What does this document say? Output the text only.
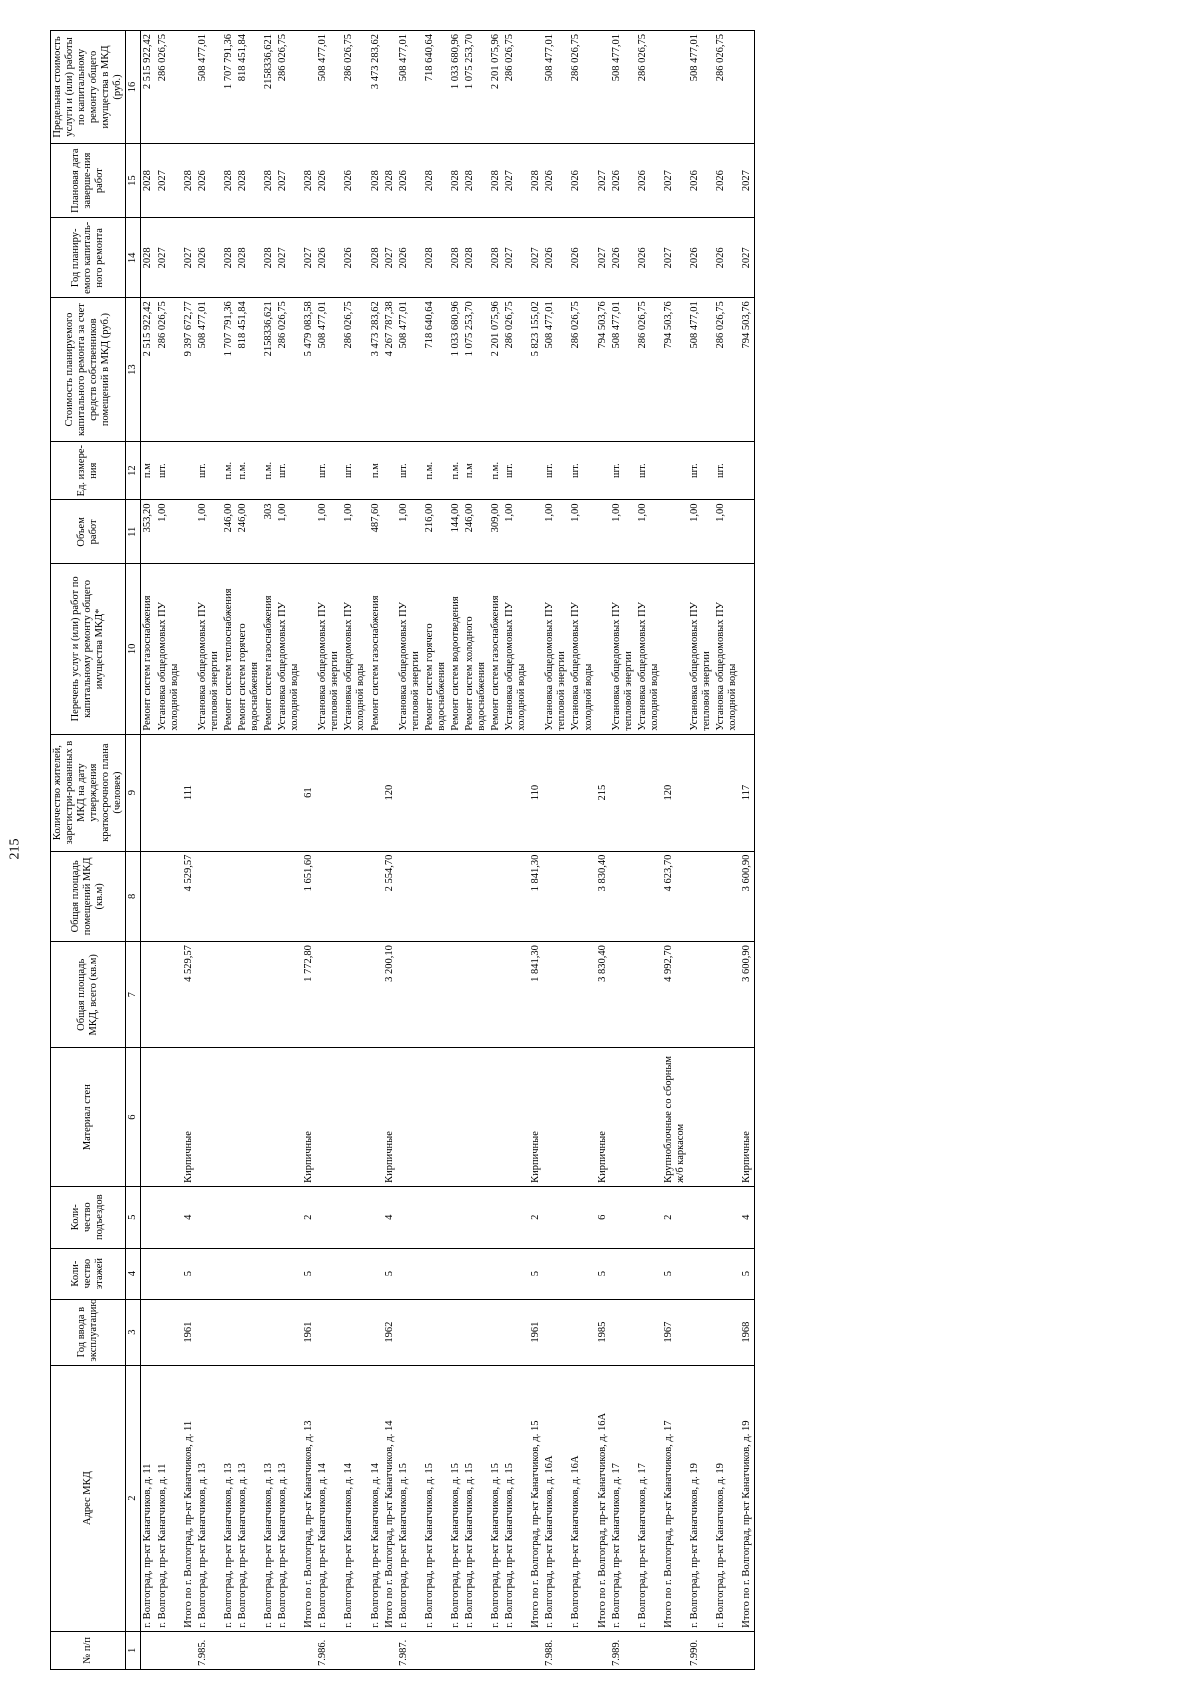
215
№ п/п	Адрес МКД	Год ввода в эксплуатацию	Коли-чество этажей	Коли-чество подъездов	Материал стен	Общая площадь МКД, всего (кв.м)	Общая площадь помещений МКД (кв.м)	Количество жителей, зарегистри-рованных в МКД на дату утверждения краткосрочного плана (человек)	Перечень услуг и (или) работ по капитальному ремонту общего имущества МКД*	Объем работ	Ед. измере-ния	Стоимость планируемого капитального ремонта за счет средств собственников помещений в МКД (руб.)	Год планиру-емого капиталь-ного ремонта	Плановая дата заверше-ния работ	Предельная стоимость услуги и (или) работы по капитальному ремонту общего имущества в МКД (руб.)
1	2	3	4	5	6	7	8	9	10	11	12	13	14	15	16
	г. Волгоград, пр-кт Канатчиков, д. 11								Ремонт систем газоснабжения	353,20	п.м	2 515 922,42	2028	2028	2 515 922,42
	г. Волгоград, пр-кт Канатчиков, д. 11								Установка общедомовых ПУ холодной воды	1,00	шт.	286 026,75	2027	2027	286 026,75
	Итого по г. Волгоград, пр-кт Канатчиков, д. 11	1961	5	4	Кирпичные	4 529,57	4 529,57	111				9 397 672,77	2027	2028	
7.985.	г. Волгоград, пр-кт Канатчиков, д. 13								Установка общедомовых ПУ тепловой энергии	1,00	шт.	508 477,01	2026	2026	508 477,01
	г. Волгоград, пр-кт Канатчиков, д. 13								Ремонт систем теплоснабжения	246,00	п.м.	1 707 791,36	2028	2028	1 707 791,36
	г. Волгоград, пр-кт Канатчиков, д. 13								Ремонт систем горячего водоснабжения	246,00	п.м.	818 451,84	2028	2028	818 451,84
	г. Волгоград, пр-кт Канатчиков, д. 13								Ремонт систем газоснабжения	303	п.м.	2158336,621	2028	2028	2158336,621
	г. Волгоград, пр-кт Канатчиков, д. 13								Установка общедомовых ПУ холодной воды	1,00	шт.	286 026,75	2027	2027	286 026,75
	Итого по г. Волгоград, пр-кт Канатчиков, д. 13	1961	5	2	Кирпичные	1 772,80	1 651,60	61				5 479 083,58	2027	2028	
7.986.	г. Волгоград, пр-кт Канатчиков, д. 14								Установка общедомовых ПУ тепловой энергии	1,00	шт.	508 477,01	2026	2026	508 477,01
	г. Волгоград, пр-кт Канатчиков, д. 14								Установка общедомовых ПУ холодной воды	1,00	шт.	286 026,75	2026	2026	286 026,75
	г. Волгоград, пр-кт Канатчиков, д. 14								Ремонт систем газоснабжения	487,60	п.м	3 473 283,62	2028	2028	3 473 283,62
	Итого по г. Волгоград, пр-кт Канатчиков, д. 14	1962	5	4	Кирпичные	3 200,10	2 554,70	120				4 267 787,38	2027	2028	
7.987.	г. Волгоград, пр-кт Канатчиков, д. 15								Установка общедомовых ПУ тепловой энергии	1,00	шт.	508 477,01	2026	2026	508 477,01
	г. Волгоград, пр-кт Канатчиков, д. 15								Ремонт систем горячего водоснабжения	216,00	п.м.	718 640,64	2028	2028	718 640,64
	г. Волгоград, пр-кт Канатчиков, д. 15								Ремонт систем водоотведения	144,00	п.м.	1 033 680,96	2028	2028	1 033 680,96
	г. Волгоград, пр-кт Канатчиков, д. 15								Ремонт систем холодного водоснабжения	246,00	п.м	1 075 253,70	2028	2028	1 075 253,70
	г. Волгоград, пр-кт Канатчиков, д. 15								Ремонт систем газоснабжения	309,00	п.м.	2 201 075,96	2028	2028	2 201 075,96
	г. Волгоград, пр-кт Канатчиков, д. 15								Установка общедомовых ПУ холодной воды	1,00	шт.	286 026,75	2027	2027	286 026,75
	Итого по г. Волгоград, пр-кт Канатчиков, д. 15	1961	5	2	Кирпичные	1 841,30	1 841,30	110				5 823 155,02	2027	2028	
7.988.	г. Волгоград, пр-кт Канатчиков, д. 16А								Установка общедомовых ПУ тепловой энергии	1,00	шт.	508 477,01	2026	2026	508 477,01
	г. Волгоград, пр-кт Канатчиков, д. 16А								Установка общедомовых ПУ холодной воды	1,00	шт.	286 026,75	2026	2026	286 026,75
	Итого по г. Волгоград, пр-кт Канатчиков, д. 16А	1985	5	6	Кирпичные	3 830,40	3 830,40	215				794 503,76	2027	2027	
7.989.	г. Волгоград, пр-кт Канатчиков, д. 17								Установка общедомовых ПУ тепловой энергии	1,00	шт.	508 477,01	2026	2026	508 477,01
	г. Волгоград, пр-кт Канатчиков, д. 17								Установка общедомовых ПУ холодной воды	1,00	шт.	286 026,75	2026	2026	286 026,75
	Итого по г. Волгоград, пр-кт Канатчиков, д. 17	1967	5	2	Крупноблочные со сборным ж/б каркасом	4 992,70	4 623,70	120				794 503,76	2027	2027	
7.990.	г. Волгоград, пр-кт Канатчиков, д. 19								Установка общедомовых ПУ тепловой энергии	1,00	шт.	508 477,01	2026	2026	508 477,01
	г. Волгоград, пр-кт Канатчиков, д. 19								Установка общедомовых ПУ холодной воды	1,00	шт.	286 026,75	2026	2026	286 026,75
	Итого по г. Волгоград, пр-кт Канатчиков, д. 19	1968	5	4	Кирпичные	3 600,90	3 600,90	117				794 503,76	2027	2027	
